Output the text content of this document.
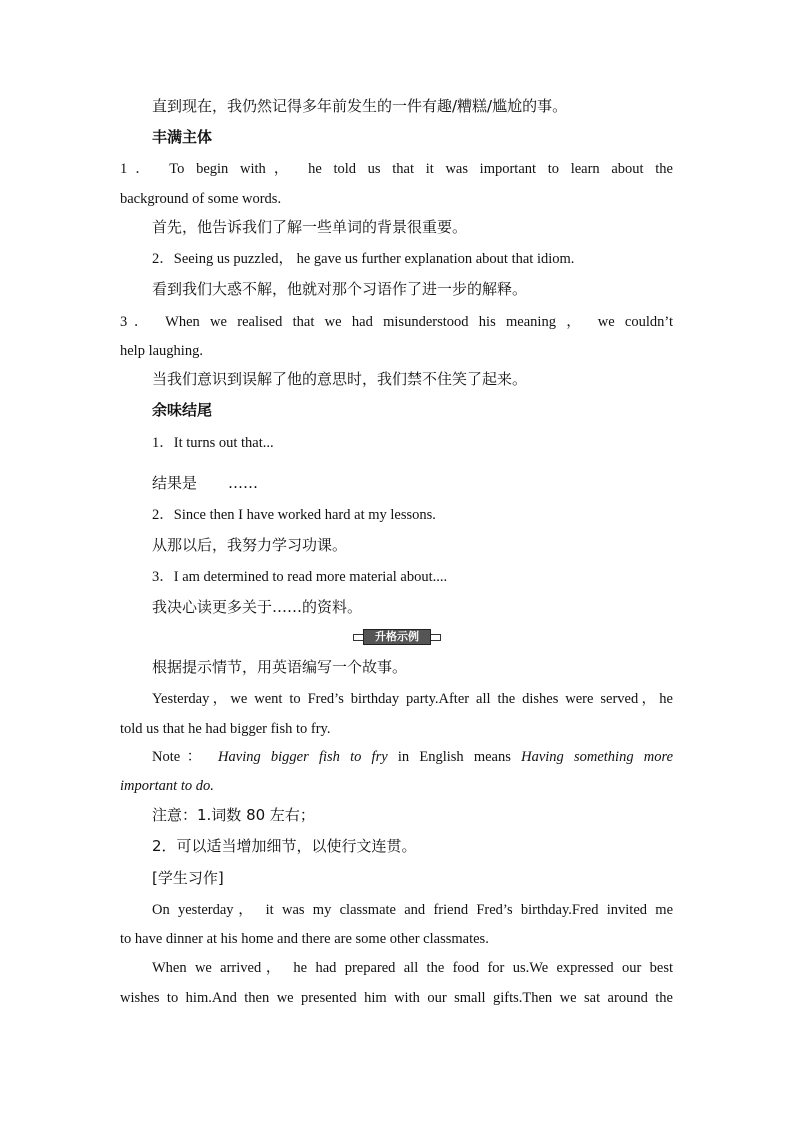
直到现在，我仍然记得多年前发生的一件有趣/糟糕/尴尬的事。
丰满主体
1． To begin with， he told us that it was important to learn about the
background of some words.
首先，他告诉我们了解一些单词的背景很重要。
2．Seeing us puzzled， he gave us further explanation about that idiom.
看到我们大惑不解，他就对那个习语作了进一步的解释。
3． When we realised that we had misunderstood his meaning ， we couldn’t
help laughing.
当我们意识到误解了他的意思时，我们禁不住笑了起来。
余味结尾
1．It turns out that...
结果是 ……
2．Since then I have worked hard at my lessons.
从那以后，我努力学习功课。
3．I am determined to read more material about....
我决心读更多关于……的资料。
升格示例
根据提示情节，用英语编写一个故事。
Yesterday，we went to Fred’s birthday party.After all the dishes were served，he
told us that he had bigger fish to fry.
Note： Having bigger fish to fry in English means Having something more
important to do.
注意：1.词数 80 左右；
2．可以适当增加细节，以使行文连贯。
[学生习作]
On yesterday， it was my classmate and friend Fred’s birthday.Fred invited me
to have dinner at his home and there are some other classmates.
When we arrived， he had prepared all the food for us.We expressed our best
wishes to him.And then we presented him with our small gifts.Then we sat around the
